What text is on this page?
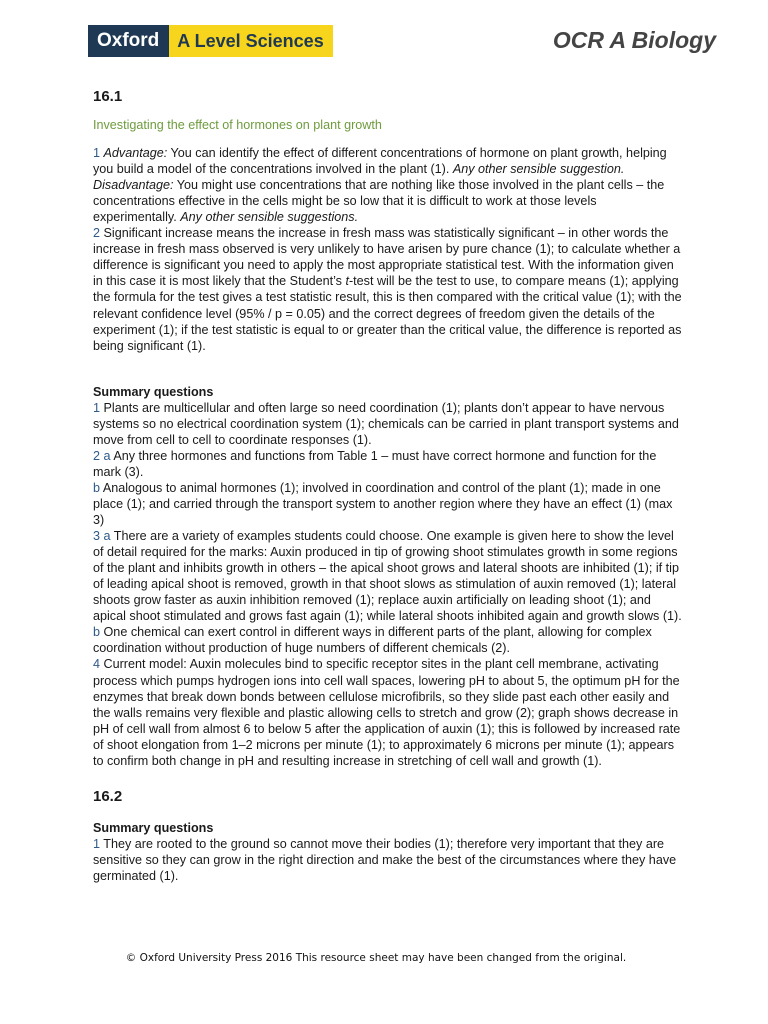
Oxford	A Level Sciences	OCR A Biology

16.1

Investigating the effect of hormones on plant growth

1 Advantage: You can identify the effect of different concentrations of hormone on plant growth, helping you build a model of the concentrations involved in the plant (1). Any other sensible suggestion. Disadvantage: You might use concentrations that are nothing like those involved in the plant cells – the concentrations effective in the cells might be so low that it is difficult to work at those levels experimentally. Any other sensible suggestions.

2 Significant increase means the increase in fresh mass was statistically significant – in other words the increase in fresh mass observed is very unlikely to have arisen by pure chance (1); to calculate whether a difference is significant you need to apply the most appropriate statistical test. With the information given in this case it is most likely that the Student’s t-test will be the test to use, to compare means (1); applying the formula for the test gives a test statistic result, this is then compared with the critical value (1); with the relevant confidence level (95% / p = 0.05) and the correct degrees of freedom given the details of the experiment (1); if the test statistic is equal to or greater than the critical value, the difference is reported as being significant (1).

Summary questions

1 Plants are multicellular and often large so need coordination (1); plants don’t appear to have nervous systems so no electrical coordination system (1); chemicals can be carried in plant transport systems and move from cell to cell to coordinate responses (1).

2 a Any three hormones and functions from Table 1 – must have correct hormone and function for the mark (3).

b Analogous to animal hormones (1); involved in coordination and control of the plant (1); made in one place (1); and carried through the transport system to another region where they have an effect (1) (max 3)

3 a There are a variety of examples students could choose. One example is given here to show the level of detail required for the marks: Auxin produced in tip of growing shoot stimulates growth in some regions of the plant and inhibits growth in others – the apical shoot grows and lateral shoots are inhibited (1); if tip of leading apical shoot is removed, growth in that shoot slows as stimulation of auxin removed (1); lateral shoots grow faster as auxin inhibition removed (1); replace auxin artificially on leading shoot (1); and apical shoot stimulated and grows fast again (1); while lateral shoots inhibited again and growth slows (1).

b One chemical can exert control in different ways in different parts of the plant, allowing for complex coordination without production of huge numbers of different chemicals (2).

4 Current model: Auxin molecules bind to specific receptor sites in the plant cell membrane, activating process which pumps hydrogen ions into cell wall spaces, lowering pH to about 5, the optimum pH for the enzymes that break down bonds between cellulose microfibrils, so they slide past each other easily and the walls remains very flexible and plastic allowing cells to stretch and grow (2); graph shows decrease in pH of cell wall from almost 6 to below 5 after the application of auxin (1); this is followed by increased rate of shoot elongation from 1–2 microns per minute (1); to approximately 6 microns per minute (1); appears to confirm both change in pH and resulting increase in stretching of cell wall and growth (1).

16.2

Summary questions

1 They are rooted to the ground so cannot move their bodies (1); therefore very important that they are sensitive so they can grow in the right direction and make the best of the circumstances where they have germinated (1).

© Oxford University Press 2016 This resource sheet may have been changed from the original.
